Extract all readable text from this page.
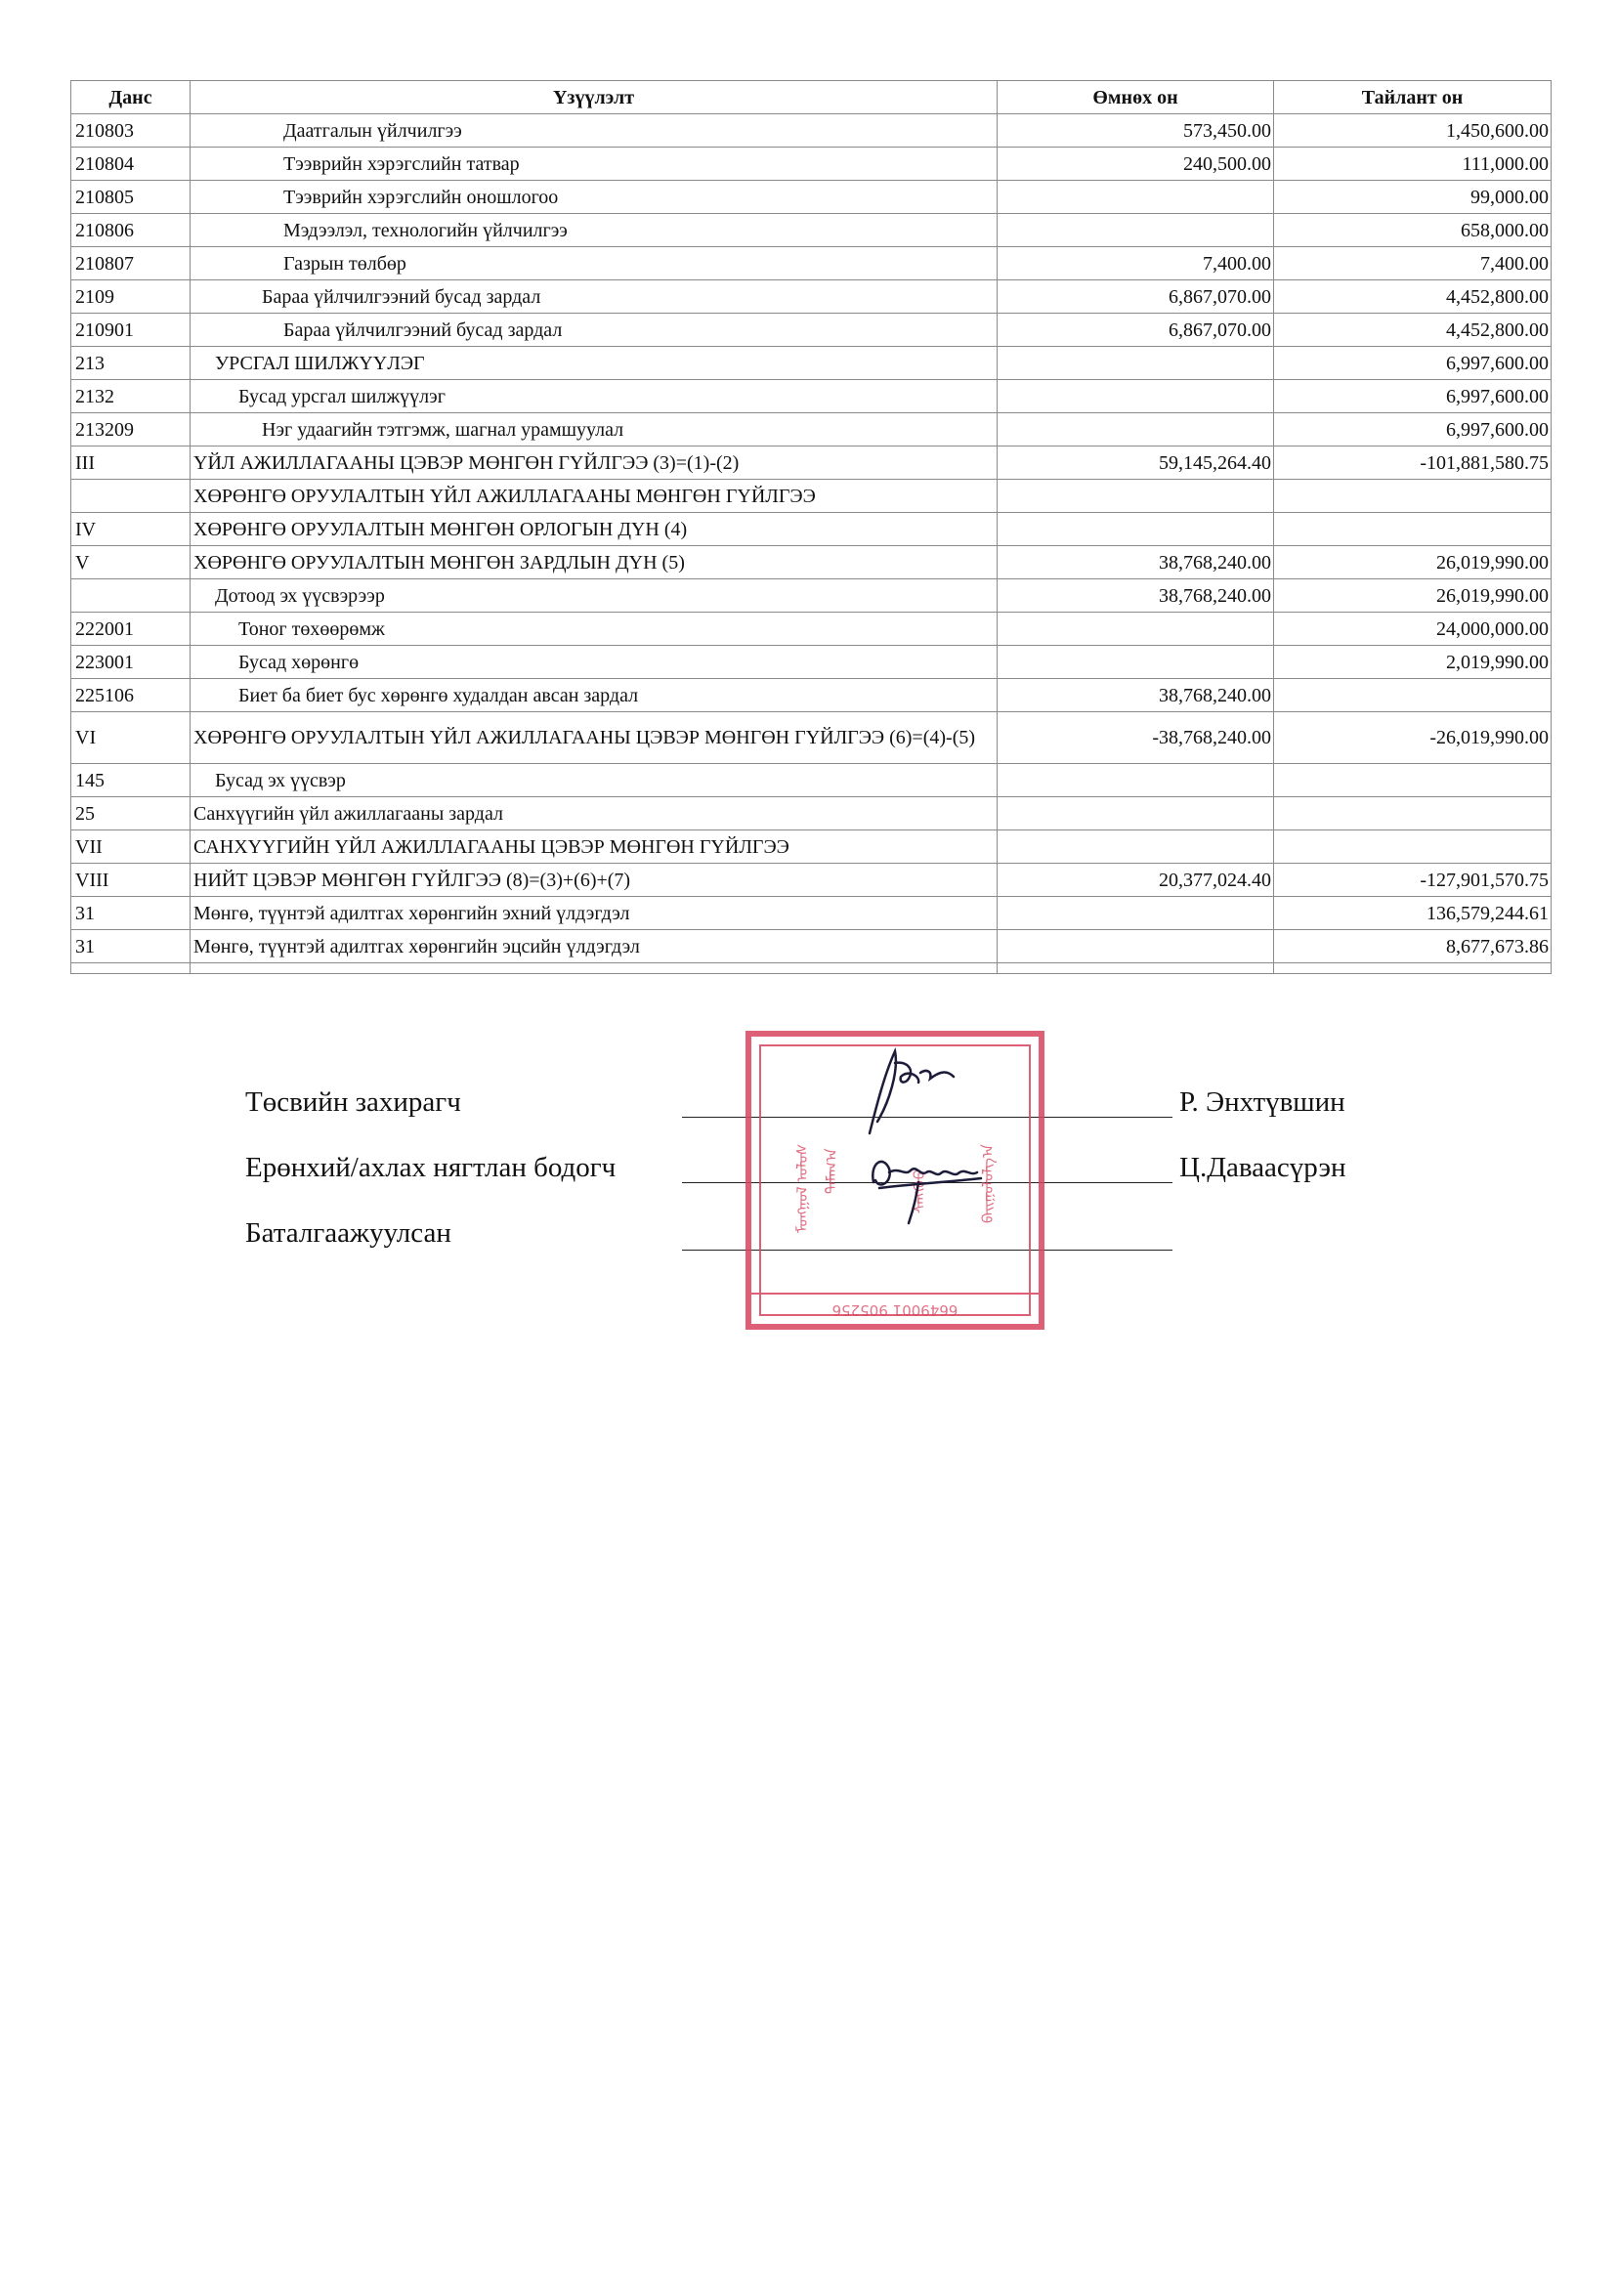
Данс	Үзүүлэлт	Өмнөх он	Тайлант он
210803	Даатгалын үйлчилгээ	573,450.00	1,450,600.00
210804	Тээврийн хэрэгслийн татвар	240,500.00	111,000.00
210805	Тээврийн хэрэгслийн оношлогоо		99,000.00
210806	Мэдээлэл, технологийн үйлчилгээ		658,000.00
210807	Газрын төлбөр	7,400.00	7,400.00
2109	Бараа үйлчилгээний бусад зардал	6,867,070.00	4,452,800.00
210901	Бараа үйлчилгээний бусад зардал	6,867,070.00	4,452,800.00
213	УРСГАЛ ШИЛЖҮҮЛЭГ		6,997,600.00
2132	Бусад урсгал шилжүүлэг		6,997,600.00
213209	Нэг удаагийн тэтгэмж, шагнал урамшуулал		6,997,600.00
III	ҮЙЛ АЖИЛЛАГААНЫ ЦЭВЭР МӨНГӨН ГҮЙЛГЭЭ (3)=(1)-(2)	59,145,264.40	-101,881,580.75
	ХӨРӨНГӨ ОРУУЛАЛТЫН ҮЙЛ АЖИЛЛАГААНЫ МӨНГӨН ГҮЙЛГЭЭ		
IV	ХӨРӨНГӨ ОРУУЛАЛТЫН МӨНГӨН ОРЛОГЫН ДҮН (4)		
V	ХӨРӨНГӨ ОРУУЛАЛТЫН МӨНГӨН ЗАРДЛЫН ДҮН (5)	38,768,240.00	26,019,990.00
	Дотоод эх үүсвэрээр	38,768,240.00	26,019,990.00
222001	Тоног төхөөрөмж		24,000,000.00
223001	Бусад хөрөнгө		2,019,990.00
225106	Биет ба биет бус хөрөнгө худалдан авсан зардал	38,768,240.00	
VI	ХӨРӨНГӨ ОРУУЛАЛТЫН ҮЙЛ АЖИЛЛАГААНЫ ЦЭВЭР МӨНГӨН ГҮЙЛГЭЭ (6)=(4)-(5)	-38,768,240.00	-26,019,990.00
145	Бусад эх үүсвэр		
25	Санхүүгийн үйл ажиллагааны зардал		
VII	САНХҮҮГИЙН ҮЙЛ АЖИЛЛАГААНЫ ЦЭВЭР МӨНГӨН ГҮЙЛГЭЭ		
VIII	НИЙТ ЦЭВЭР МӨНГӨН ГҮЙЛГЭЭ (8)=(3)+(6)+(7)	20,377,024.40	-127,901,570.75
31	Мөнгө, түүнтэй адилтгах хөрөнгийн эхний үлдэгдэл		136,579,244.61
31	Мөнгө, түүнтэй адилтгах хөрөнгийн эцсийн үлдэгдэл		8,677,673.86

Төсвийн захирагч	Р. Энхтүвшин
Ерөнхий/ахлах нягтлан бодогч	Ц.Даваасүрэн
Баталгаажуулсан	ᠮᠣᠩᠭᠣᠯ ᠤᠯᠤᠰ ᠲᠠᠮᠠᠭ᠎ᠠ	ᠰᠠᠩᠬᠦᠦ	ᠪᠠᠢᠭᠤᠯᠤᠯᠭ᠎ᠠ
6649001 905256
